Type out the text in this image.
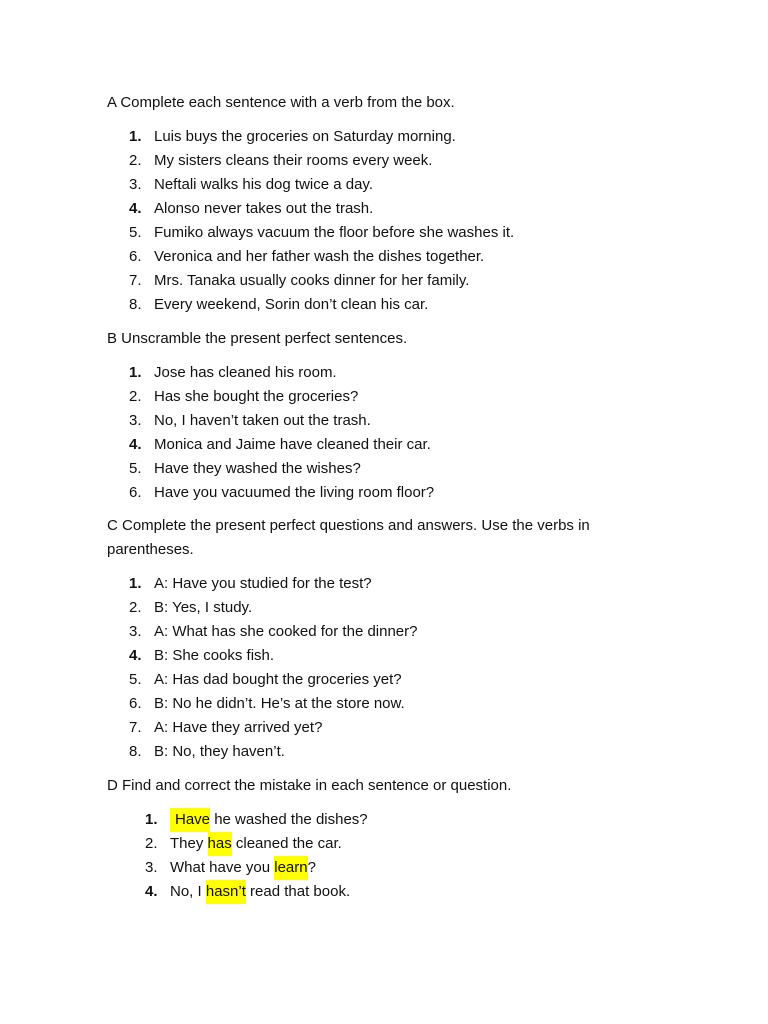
A Complete each sentence with a verb from the box.
1. Luis buys the groceries on Saturday morning.
2. My sisters cleans their rooms every week.
3. Neftali walks his dog twice a day.
4. Alonso never takes out the trash.
5. Fumiko always vacuum the floor before she washes it.
6. Veronica and her father wash the dishes together.
7. Mrs. Tanaka usually cooks dinner for her family.
8. Every weekend, Sorin don’t clean his car.
B Unscramble the present perfect sentences.
1. Jose has cleaned his room.
2. Has she bought the groceries?
3. No, I haven’t taken out the trash.
4. Monica and Jaime have cleaned their car.
5. Have they washed the wishes?
6. Have you vacuumed the living room floor?
C Complete the present perfect questions and answers. Use the verbs in parentheses.
1. A: Have you studied for the test?
2. B: Yes, I study.
3. A: What has she cooked for the dinner?
4. B: She cooks fish.
5. A: Has dad bought the groceries yet?
6. B: No he didn’t. He’s at the store now.
7. A: Have they arrived yet?
8. B: No, they haven’t.
D Find and correct the mistake in each sentence or question.
1.	Have he washed the dishes?
2. They has cleaned the car.
3. What have you learn ?
4. No, I hasn’t read that book.
